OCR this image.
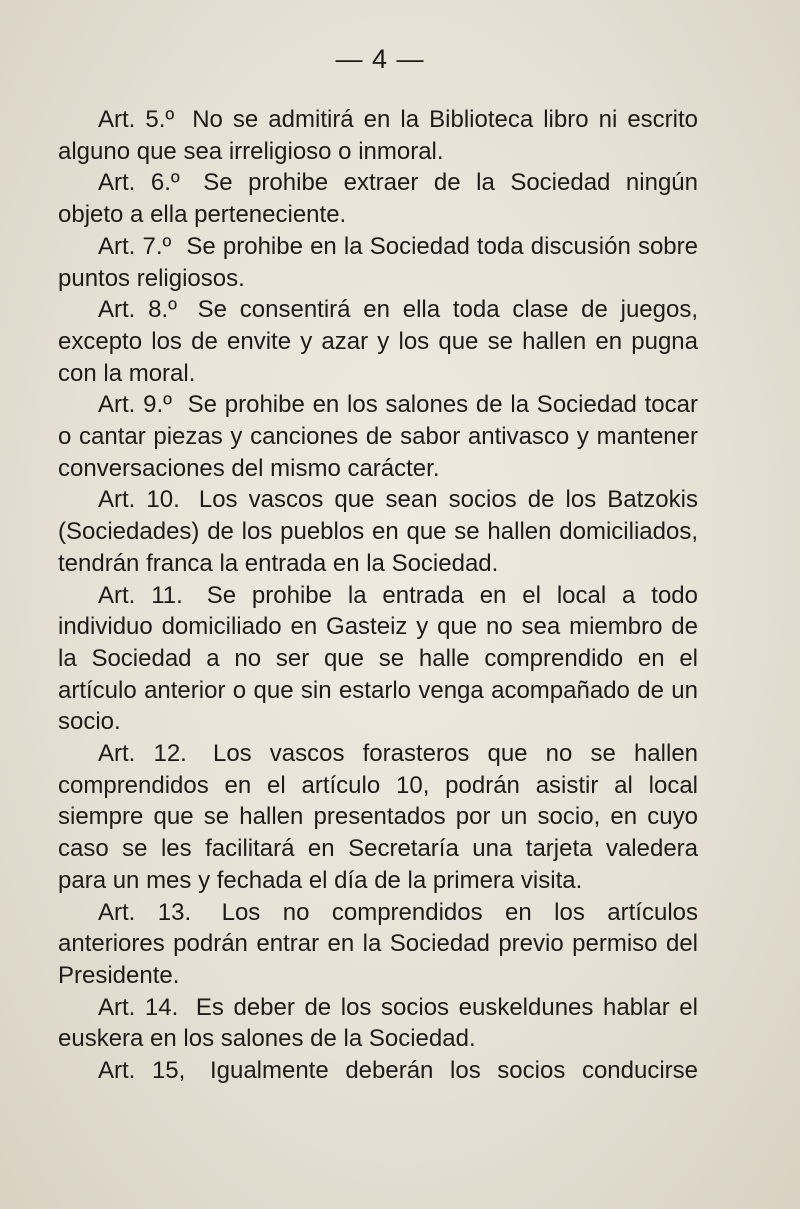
— 4 —

Art. 5.º No se admitirá en la Biblioteca libro ni escrito alguno que sea irreligioso o inmoral.

Art. 6.º Se prohibe extraer de la Sociedad ningún objeto a ella perteneciente.

Art. 7.º Se prohibe en la Sociedad toda discusión sobre puntos religiosos.

Art. 8.º Se consentirá en ella toda clase de juegos, excepto los de envite y azar y los que se hallen en pugna con la moral.

Art. 9.º Se prohibe en los salones de la Sociedad tocar o cantar piezas y canciones de sabor antivasco y mantener conversaciones del mismo carácter.

Art. 10. Los vascos que sean socios de los Batzokis (Sociedades) de los pueblos en que se hallen domiciliados, tendrán franca la entrada en la Sociedad.

Art. 11. Se prohibe la entrada en el local a todo individuo domiciliado en Gasteiz y que no sea miembro de la Sociedad a no ser que se halle comprendido en el artículo anterior o que sin estarlo venga acompañado de un socio.

Art. 12. Los vascos forasteros que no se hallen comprendidos en el artículo 10, podrán asistir al local siempre que se hallen presentados por un socio, en cuyo caso se les facilitará en Secretaría una tarjeta valedera para un mes y fechada el día de la primera visita.

Art. 13. Los no comprendidos en los artículos anteriores podrán entrar en la Sociedad previo permiso del Presidente.

Art. 14. Es deber de los socios euskeldunes hablar el euskera en los salones de la Sociedad.

Art. 15, Igualmente deberán los socios conducirse
